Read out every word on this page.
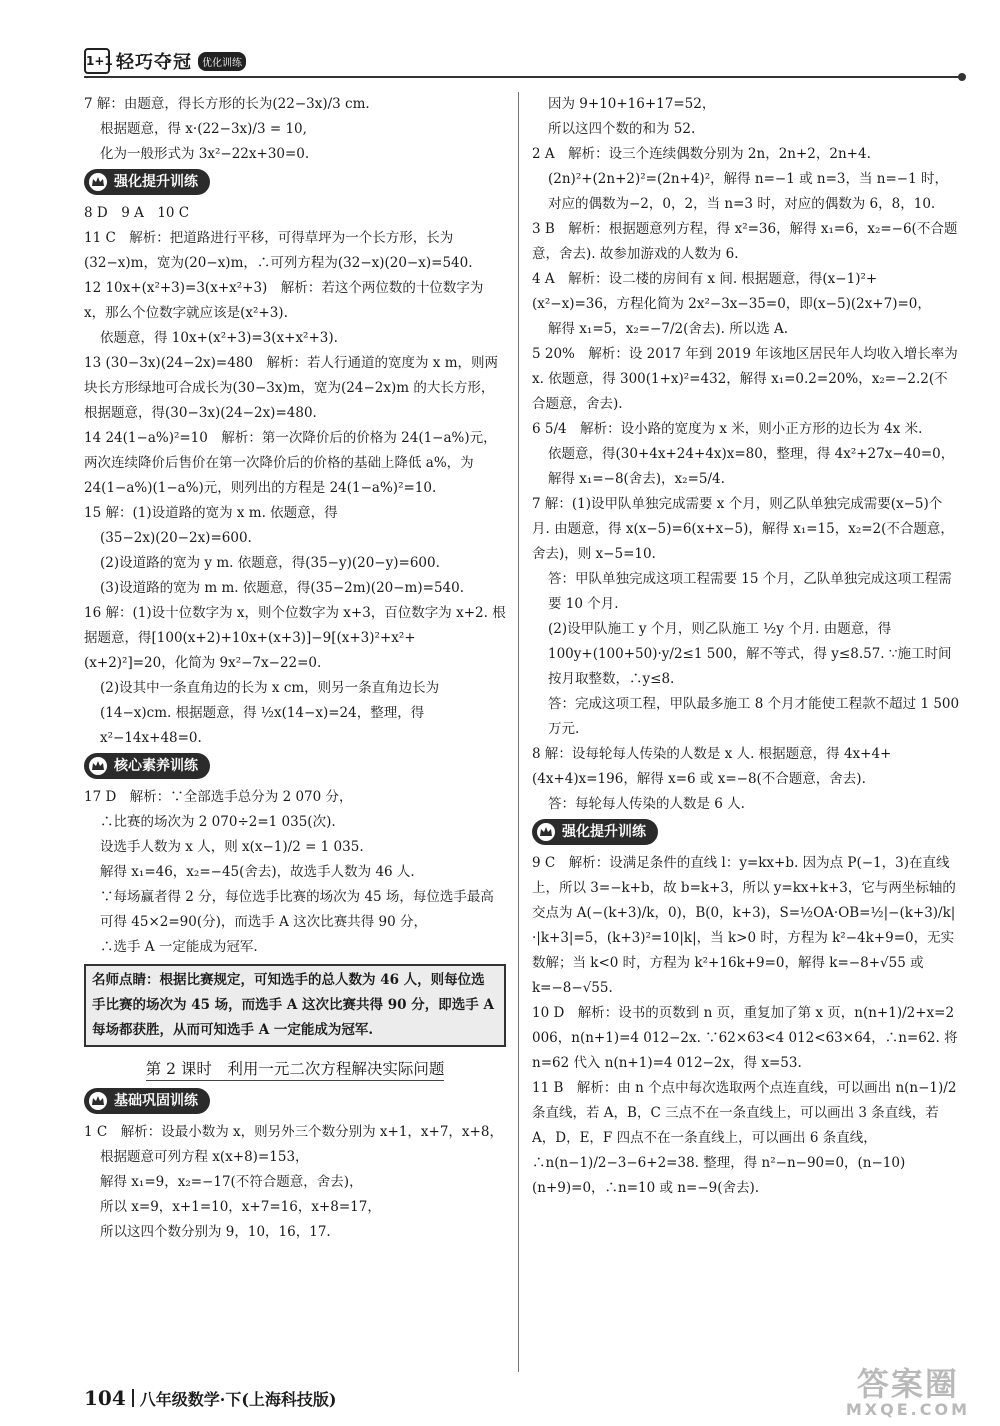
1+1 轻巧夺冠	优化训练

7 解：由题意，得长方形的长为(22−3x)/3 cm.

根据题意，得 x·(22−3x)/3 = 10,

化为一般形式为 3x²−22x+30=0.

强化提升训练

8 D　9 A　10 C

11 C　解析：把道路进行平移，可得草坪为一个长方形，长为(32−x)m，宽为(20−x)m，∴可列方程为(32−x)(20−x)=540.

12 10x+(x²+3)=3(x+x²+3)　解析：若这个两位数的十位数字为 x，那么个位数字就应该是(x²+3).

依题意，得 10x+(x²+3)=3(x+x²+3).

13 (30−3x)(24−2x)=480　解析：若人行通道的宽度为 x m，则两块长方形绿地可合成长为(30−3x)m，宽为(24−2x)m 的大长方形，根据题意，得(30−3x)(24−2x)=480.

14 24(1−a%)²=10　解析：第一次降价后的价格为 24(1−a%)元，两次连续降价后售价在第一次降价后的价格的基础上降低 a%，为 24(1−a%)(1−a%)元，则列出的方程是 24(1−a%)²=10.

15 解：(1)设道路的宽为 x m. 依题意，得

(35−2x)(20−2x)=600.

(2)设道路的宽为 y m. 依题意，得(35−y)(20−y)=600.

(3)设道路的宽为 m m. 依题意，得(35−2m)(20−m)=540.

16 解：(1)设十位数字为 x，则个位数字为 x+3，百位数字为 x+2. 根据题意，得[100(x+2)+10x+(x+3)]−9[(x+3)²+x²+(x+2)²]=20，化简为 9x²−7x−22=0.

(2)设其中一条直角边的长为 x cm，则另一条直角边长为(14−x)cm. 根据题意，得 ½x(14−x)=24，整理，得 x²−14x+48=0.

核心素养训练

17 D　解析：∵全部选手总分为 2 070 分，

∴比赛的场次为 2 070÷2=1 035(次).

设选手人数为 x 人，则 x(x−1)/2 = 1 035.

解得 x₁=46，x₂=−45(舍去)，故选手人数为 46 人.

∵每场赢者得 2 分，每位选手比赛的场次为 45 场，每位选手最高可得 45×2=90(分)，而选手 A 这次比赛共得 90 分，

∴选手 A 一定能成为冠军.

名师点睛：根据比赛规定，可知选手的总人数为 46 人，则每位选手比赛的场次为 45 场，而选手 A 这次比赛共得 90 分，即选手 A 每场都获胜，从而可知选手 A 一定能成为冠军.
第 2 课时　利用一元二次方程解决实际问题
基础巩固训练

1 C　解析：设最小数为 x，则另外三个数分别为 x+1，x+7，x+8，

根据题意可列方程 x(x+8)=153，

解得 x₁=9，x₂=−17(不符合题意，舍去)，

所以 x=9，x+1=10，x+7=16，x+8=17，

所以这四个数分别为 9，10，16，17.

因为 9+10+16+17=52，

所以这四个数的和为 52.

2 A　解析：设三个连续偶数分别为 2n，2n+2，2n+4.

(2n)²+(2n+2)²=(2n+4)²，解得 n=−1 或 n=3，当 n=−1 时，对应的偶数为−2，0，2，当 n=3 时，对应的偶数为 6，8，10.

3 B　解析：根据题意列方程，得 x²=36，解得 x₁=6，x₂=−6(不合题意，舍去). 故参加游戏的人数为 6.

4 A　解析：设二楼的房间有 x 间. 根据题意，得(x−1)²+(x²−x)=36，方程化简为 2x²−3x−35=0，即(x−5)(2x+7)=0，

解得 x₁=5，x₂=−7/2(舍去). 所以选 A.

5 20%　解析：设 2017 年到 2019 年该地区居民年人均收入增长率为 x. 依题意，得 300(1+x)²=432，解得 x₁=0.2=20%，x₂=−2.2(不合题意，舍去).

6 5/4　解析：设小路的宽度为 x 米，则小正方形的边长为 4x 米.

依题意，得(30+4x+24+4x)x=80，整理，得 4x²+27x−40=0，

解得 x₁=−8(舍去)，x₂=5/4.

7 解：(1)设甲队单独完成需要 x 个月，则乙队单独完成需要(x−5)个月. 由题意，得 x(x−5)=6(x+x−5)，解得 x₁=15，x₂=2(不合题意，舍去)，则 x−5=10.

答：甲队单独完成这项工程需要 15 个月，乙队单独完成这项工程需要 10 个月.

(2)设甲队施工 y 个月，则乙队施工 ½y 个月. 由题意，得

100y+(100+50)·y/2≤1 500，解不等式，得 y≤8.57. ∵施工时间按月取整数，∴y≤8.

答：完成这项工程，甲队最多施工 8 个月才能使工程款不超过 1 500 万元.

8 解：设每轮每人传染的人数是 x 人. 根据题意，得 4x+4+(4x+4)x=196，解得 x=6 或 x=−8(不合题意，舍去).

答：每轮每人传染的人数是 6 人.

强化提升训练

9 C　解析：设满足条件的直线 l：y=kx+b. 因为点 P(−1，3)在直线上，所以 3=−k+b，故 b=k+3，所以 y=kx+k+3，它与两坐标轴的交点为 A(−(k+3)/k，0)，B(0，k+3)，S=½OA·OB=½|−(k+3)/k|·|k+3|=5，(k+3)²=10|k|，当 k>0 时，方程为 k²−4k+9=0，无实数解；当 k<0 时，方程为 k²+16k+9=0，解得 k=−8+√55 或 k=−8−√55.

10 D　解析：设书的页数到 n 页，重复加了第 x 页，n(n+1)/2+x=2 006，n(n+1)=4 012−2x. ∵62×63<4 012<63×64，∴n=62. 将 n=62 代入 n(n+1)=4 012−2x，得 x=53.

11 B　解析：由 n 个点中每次选取两个点连直线，可以画出 n(n−1)/2 条直线，若 A，B，C 三点不在一条直线上，可以画出 3 条直线，若 A，D，E，F 四点不在一条直线上，可以画出 6 条直线，∴n(n−1)/2−3−6+2=38. 整理，得 n²−n−90=0，(n−10)(n+9)=0，∴n=10 或 n=−9(舍去).

104 八年级数学·下(上海科技版)	答案圈
MXQE.COM
